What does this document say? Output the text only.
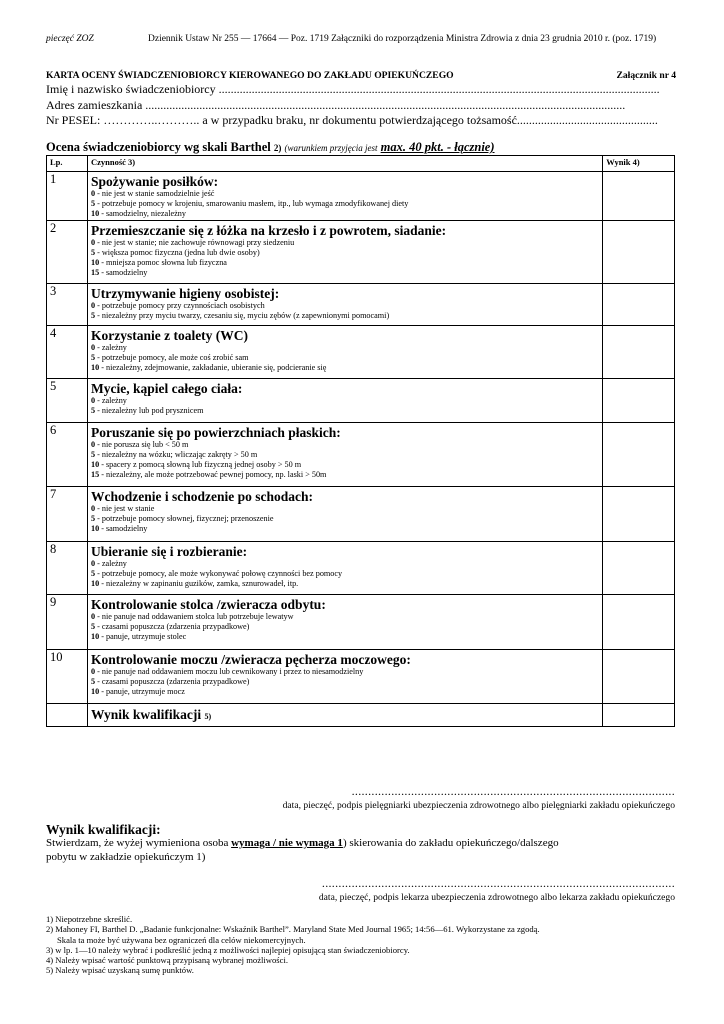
pieczęć ZOZ	Dziennik Ustaw Nr 255 — 17664 — Poz. 1719 Załączniki do rozporządzenia Ministra Zdrowia z dnia 23 grudnia 2010 r. (poz. 1719)
KARTA OCENY ŚWIADCZENIOBIORCY KIEROWANEGO DO ZAKŁADU OPIEKUŃCZEGO	Załącznik nr 4
Imię i nazwisko świadczeniobiorcy ...................................................................................................................................................
Adres zamieszkania ................................................................................................................................................................
Nr PESEL: …………..……….. a w przypadku braku, nr dokumentu potwierdzającego tożsamość...............................................
Ocena świadczeniobiorcy wg skali Barthel 2) (warunkiem przyjęcia jest max. 40 pkt. - łącznie)
Lp.	Czynność 3)	Wynik 4)
1	Spożywanie posiłków:
0 - nie jest w stanie samodzielnie jeść
5 - potrzebuje pomocy w krojeniu, smarowaniu masłem, itp., lub wymaga zmodyfikowanej diety
10 - samodzielny, niezależny	

2	Przemieszczanie się z łóżka na krzesło i z powrotem, siadanie:
0 - nie jest w stanie; nie zachowuje równowagi przy siedzeniu
5 - większa pomoc fizyczna (jedna lub dwie osoby)
10 - mniejsza pomoc słowna lub fizyczna
15 - samodzielny	

3	Utrzymywanie higieny osobistej:
0 - potrzebuje pomocy przy czynnościach osobistych
5 - niezależny przy myciu twarzy, czesaniu się, myciu zębów (z zapewnionymi pomocami)	

4	Korzystanie z toalety (WC)
0 - zależny
5 - potrzebuje pomocy, ale może coś zrobić sam
10 - niezależny, zdejmowanie, zakładanie, ubieranie się, podcieranie się	

5	Mycie, kąpiel całego ciała:
0 - zależny
5 - niezależny lub pod prysznicem	

6	Poruszanie się po powierzchniach płaskich:
0 - nie porusza się lub < 50 m
5 - niezależny na wózku; wliczając zakręty > 50 m
10 - spacery z pomocą słowną lub fizyczną jednej osoby > 50 m
15 - niezależny, ale może potrzebować pewnej pomocy, np. laski > 50m	

7	Wchodzenie i schodzenie po schodach:
0 - nie jest w stanie
5 - potrzebuje pomocy słownej, fizycznej; przenoszenie
10 - samodzielny	

8	Ubieranie się i rozbieranie:
0 - zależny
5 - potrzebuje pomocy, ale może wykonywać połowę czynności bez pomocy
10 - niezależny w zapinaniu guzików, zamka, sznurowadeł, itp.	

9	Kontrolowanie stolca /zwieracza odbytu:
0 - nie panuje nad oddawaniem stolca lub potrzebuje lewatyw
5 - czasami popuszcza (zdarzenia przypadkowe)
10 - panuje, utrzymuje stolec	

10	Kontrolowanie moczu /zwieracza pęcherza moczowego:
0 - nie panuje nad oddawaniem moczu lub cewnikowany i przez to niesamodzielny
5 - czasami popuszcza (zdarzenia przypadkowe)
10 - panuje, utrzymuje mocz	

	Wynik kwalifikacji 5)	
..................................................................................................
data, pieczęć, podpis pielęgniarki ubezpieczenia zdrowotnego albo pielęgniarki zakładu opiekuńczego
Wynik kwalifikacji:
Stwierdzam, że wyżej wymieniona osoba wymaga / nie wymaga 1) skierowania do zakładu opiekuńczego/dalszego
pobytu w zakładzie opiekuńczym 1)
...........................................................................................................
data, pieczęć, podpis lekarza ubezpieczenia zdrowotnego albo lekarza zakładu opiekuńczego
1) Niepotrzebne skreślić.
2) Mahoney FI, Barthel D. „Badanie funkcjonalne: Wskaźnik Barthel”. Maryland State Med Journal 1965; 14:56—61. Wykorzystane za zgodą.
Skala ta może być używana bez ograniczeń dla celów niekomercyjnych.
3) w lp. 1—10 należy wybrać i podkreślić jedną z możliwości najlepiej opisującą stan świadczeniobiorcy.
4) Należy wpisać wartość punktową przypisaną wybranej możliwości.
5) Należy wpisać uzyskaną sumę punktów.
